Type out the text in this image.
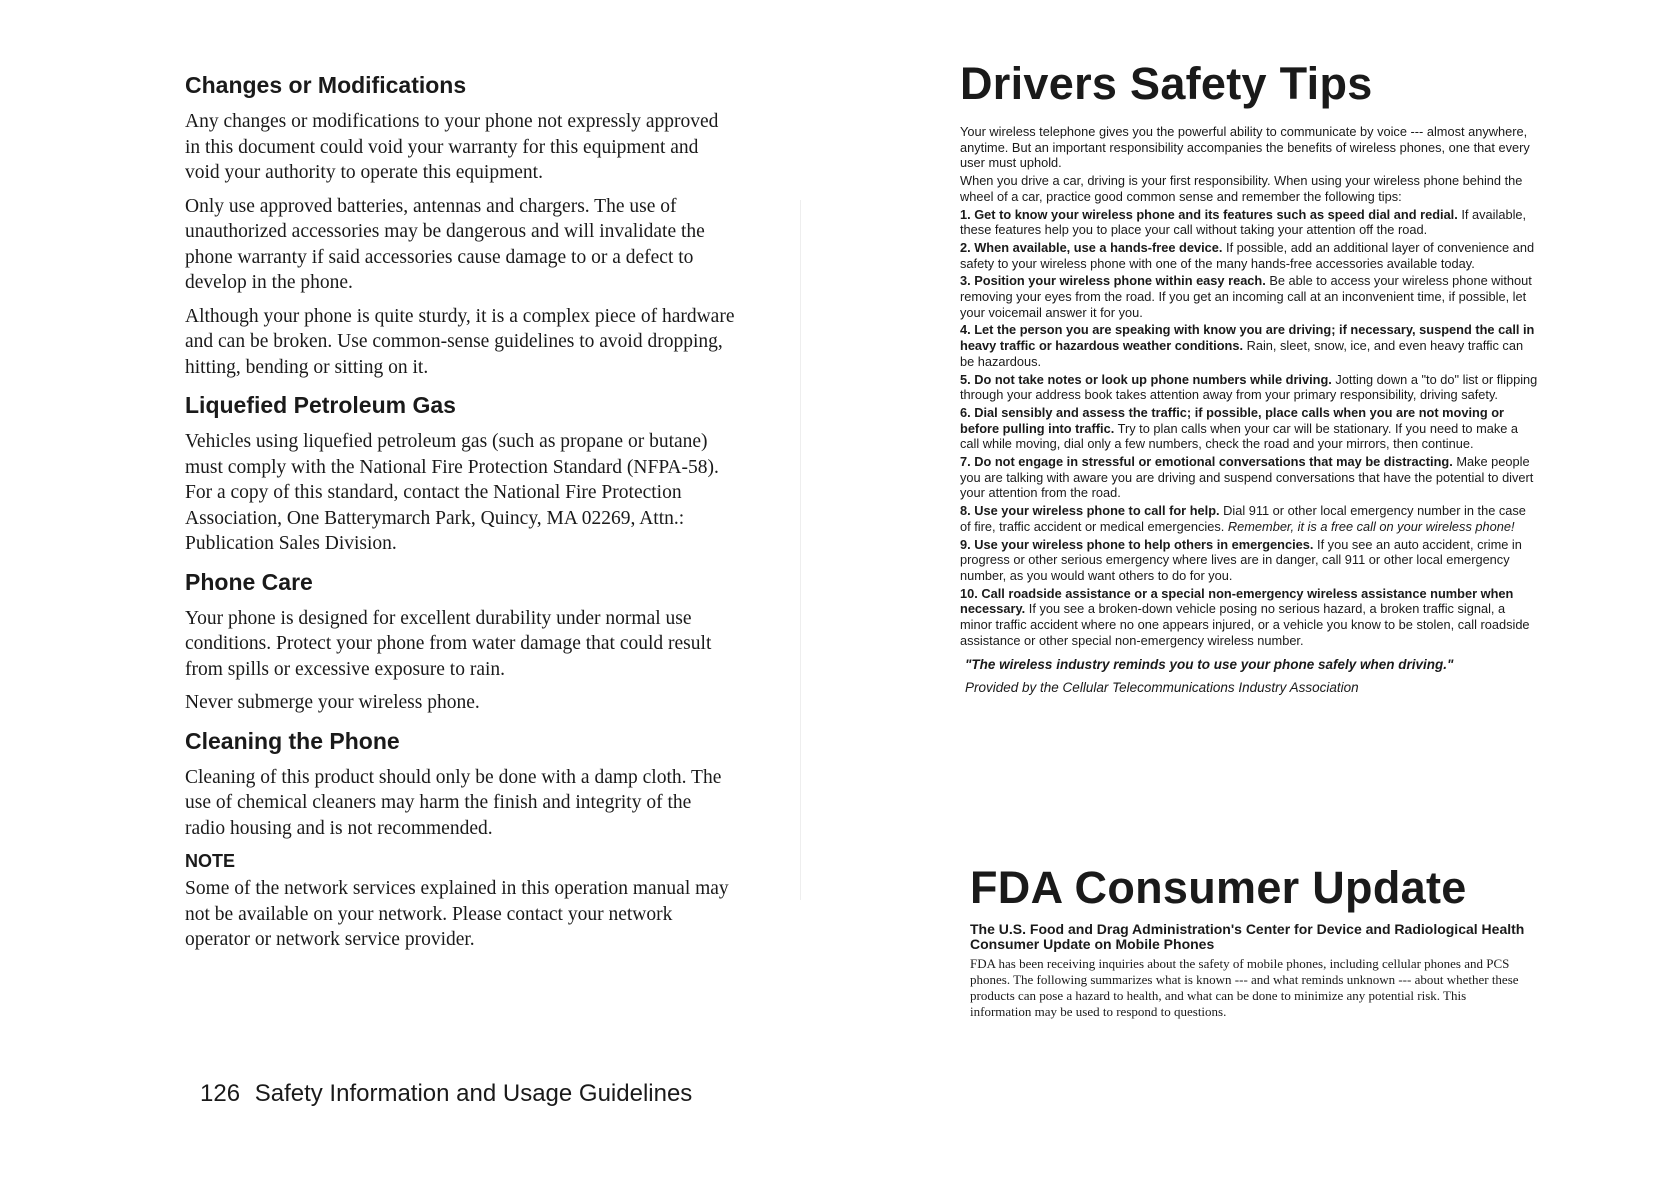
Changes or Modifications

Any changes or modifications to your phone not expressly approved in this document could void your warranty for this equipment and void your authority to operate this equipment.

Only use approved batteries, antennas and chargers. The use of unauthorized accessories may be dangerous and will invalidate the phone warranty if said accessories cause damage to or a defect to develop in the phone.

Although your phone is quite sturdy, it is a complex piece of hardware and can be broken. Use common-sense guidelines to avoid dropping, hitting, bending or sitting on it.

Liquefied Petroleum Gas

Vehicles using liquefied petroleum gas (such as propane or butane) must comply with the National Fire Protection Standard (NFPA-58). For a copy of this standard, contact the National Fire Protection Association, One Batterymarch Park, Quincy, MA 02269, Attn.: Publication Sales Division.

Phone Care

Your phone is designed for excellent durability under normal use conditions. Protect your phone from water damage that could result from spills or excessive exposure to rain.

Never submerge your wireless phone.

Cleaning the Phone

Cleaning of this product should only be done with a damp cloth. The use of chemical cleaners may harm the finish and integrity of the radio housing and is not recommended.

NOTE

Some of the network services explained in this operation manual may not be available on your network. Please contact your network operator or network service provider.

126 Safety Information and Usage Guidelines
Drivers Safety Tips

Your wireless telephone gives you the powerful ability to communicate by voice --- almost anywhere, anytime. But an important responsibility accompanies the benefits of wireless phones, one that every user must uphold.

When you drive a car, driving is your first responsibility. When using your wireless phone behind the wheel of a car, practice good common sense and remember the following tips:

1. Get to know your wireless phone and its features such as speed dial and redial. If available, these features help you to place your call without taking your attention off the road.

2. When available, use a hands-free device. If possible, add an additional layer of convenience and safety to your wireless phone with one of the many hands-free accessories available today.

3. Position your wireless phone within easy reach. Be able to access your wireless phone without removing your eyes from the road. If you get an incoming call at an inconvenient time, if possible, let your voicemail answer it for you.

4. Let the person you are speaking with know you are driving; if necessary, suspend the call in heavy traffic or hazardous weather conditions. Rain, sleet, snow, ice, and even heavy traffic can be hazardous.

5. Do not take notes or look up phone numbers while driving. Jotting down a "to do" list or flipping through your address book takes attention away from your primary responsibility, driving safety.

6. Dial sensibly and assess the traffic; if possible, place calls when you are not moving or before pulling into traffic. Try to plan calls when your car will be stationary. If you need to make a call while moving, dial only a few numbers, check the road and your mirrors, then continue.

7. Do not engage in stressful or emotional conversations that may be distracting. Make people you are talking with aware you are driving and suspend conversations that have the potential to divert your attention from the road.

8. Use your wireless phone to call for help. Dial 911 or other local emergency number in the case of fire, traffic accident or medical emergencies. Remember, it is a free call on your wireless phone!

9. Use your wireless phone to help others in emergencies. If you see an auto accident, crime in progress or other serious emergency where lives are in danger, call 911 or other local emergency number, as you would want others to do for you.

10. Call roadside assistance or a special non-emergency wireless assistance number when necessary. If you see a broken-down vehicle posing no serious hazard, a broken traffic signal, a minor traffic accident where no one appears injured, or a vehicle you know to be stolen, call roadside assistance or other special non-emergency wireless number.

"The wireless industry reminds you to use your phone safely when driving."

Provided by the Cellular Telecommunications Industry Association

FDA Consumer Update

The U.S. Food and Drag Administration's Center for Device and Radiological Health Consumer Update on Mobile Phones

FDA has been receiving inquiries about the safety of mobile phones, including cellular phones and PCS phones. The following summarizes what is known --- and what reminds unknown --- about whether these products can pose a hazard to health, and what can be done to minimize any potential risk. This information may be used to respond to questions.
